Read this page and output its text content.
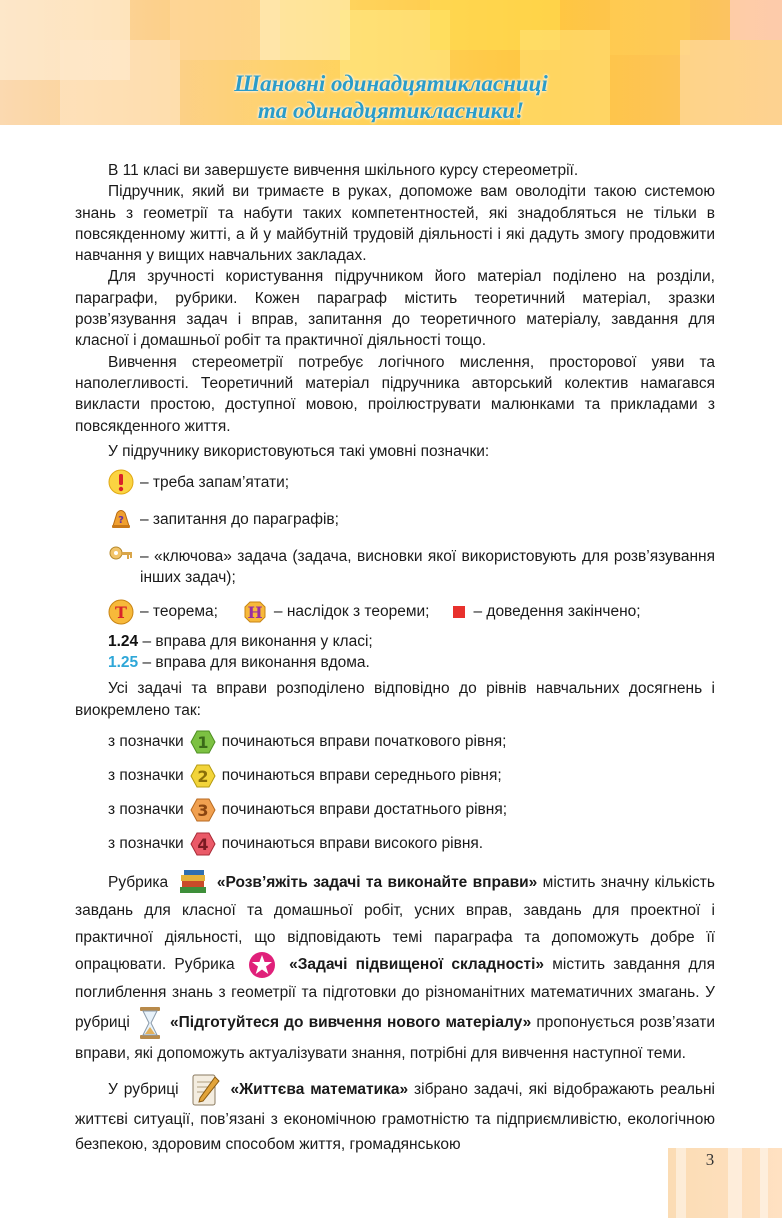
Шановні одинадцятикласниці
та одинадцятикласники!

В 11 класі ви завершуєте вивчення шкільного курсу стереометрії.

Підручник, який ви тримаєте в руках, допоможе вам оволодіти такою системою знань з геометрії та набути таких компетентностей, які знадобляться не тільки в повсякденному житті, а й у майбутній трудовій діяльності і які дадуть змогу продовжити навчання у вищих навчальних закладах.

Для зручності користування підручником його матеріал поділено на розділи, параграфи, рубрики. Кожен параграф містить теоретичний матеріал, зразки розв’язування задач і вправ, запитання до теоретичного матеріалу, завдання для класної і домашньої робіт та практичної діяльності тощо.

Вивчення стереометрії потребує логічного мислення, просторової уяви та наполегливості. Теоретичний матеріал підручника авторський колектив намагався викласти простою, доступної мовою, проілюструвати малюнками та прикладами з повсякденного життя.

У підручнику використовуються такі умовні позначки:

– треба запам’ятати;
? – запитання до параграфів;
– «ключова» задача (задача, висновки якої використовують для розв’язування інших задач);
T – теорема; Н – наслідок з теореми;	– доведення закінчено;
1.24 – вправа для виконання у класі;
1.25 – вправа для виконання вдома.

Усі задачі та вправи розподілено відповідно до рівнів навчальних досягнень і виокремлено так:

з позначки 1 починаються вправи початкового рівня;
з позначки 2 починаються вправи середнього рівня;
з позначки 3 починаються вправи достатнього рівня;
з позначки 4 починаються вправи високого рівня.

Рубрика	«Розв’яжіть задачі та виконайте вправи» містить значну кількість завдань для класної та домашньої робіт, усних вправ, завдань для проектної і практичної діяльності, що відповідають темі параграфа та допоможуть добре її опрацювати. Рубрика	«Задачі підвищеної складності» містить завдання для поглиблення знань з геометрії та підготовки до різноманітних математичних змагань. У рубриці	«Підготуйтеся до вивчення нового матеріалу» пропонується розв’язати вправи, які допоможуть актуалізувати знання, потрібні для вивчення наступної теми.

У рубриці	«Життєва математика» зібрано задачі, які відображають реальні життєві ситуації, пов’язані з економічною грамотністю та підприємливістю, екологічною безпекою, здоровим способом життя, громадянською

3
